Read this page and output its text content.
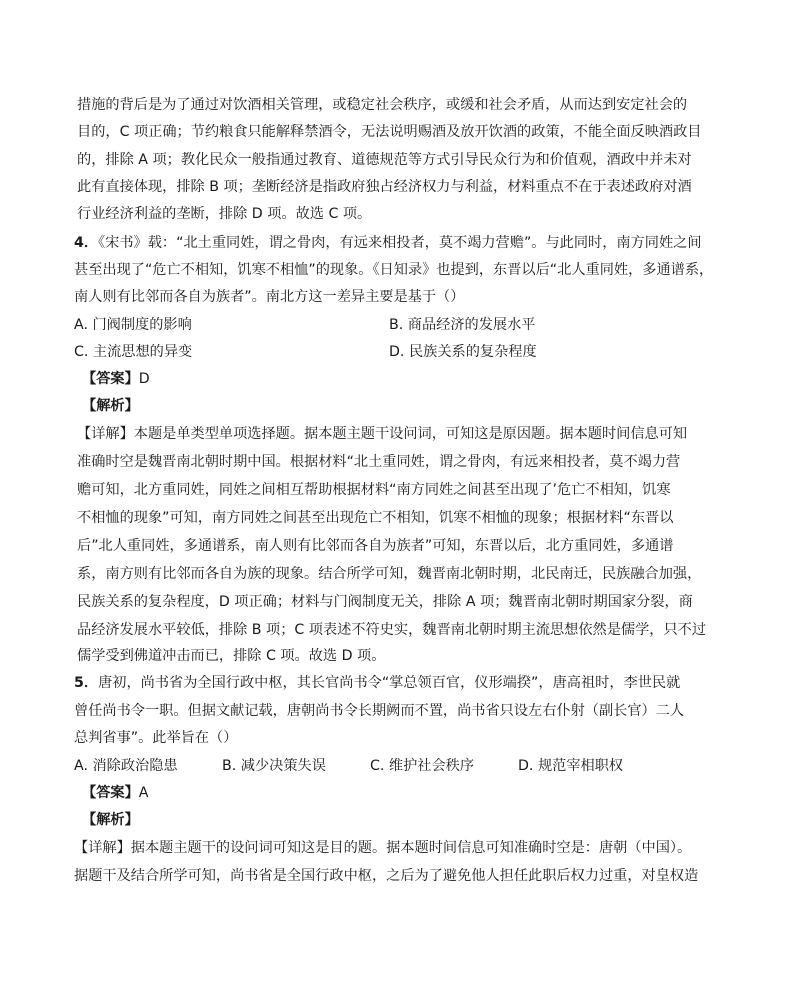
措施的背后是为了通过对饮酒相关管理，或稳定社会秩序，或缓和社会矛盾，从而达到安定社会的
目的，C 项正确；节约粮食只能解释禁酒令，无法说明赐酒及放开饮酒的政策，不能全面反映酒政目
的，排除 A 项；教化民众一般指通过教育、道德规范等方式引导民众行为和价值观，酒政中并未对
此有直接体现，排除 B 项；垄断经济是指政府独占经济权力与利益，材料重点不在于表述政府对酒
行业经济利益的垄断，排除 D 项。故选 C 项。
4．《宋书》载：“北土重同姓，谓之骨肉，有远来相投者，莫不竭力营赡”。与此同时，南方同姓之间
甚至出现了“危亡不相知，饥寒不相恤”的现象。《日知录》也提到，东晋以后“北人重同姓，多通谱系，
南人则有比邻而各自为族者”。南北方这一差异主要是基于（）
A. 门阀制度的影响	B. 商品经济的发展水平
C. 主流思想的异变	D. 民族关系的复杂程度
【答案】D
【解析】
【详解】本题是单类型单项选择题。据本题主题干设问词，可知这是原因题。据本题时间信息可知
准确时空是魏晋南北朝时期中国。根据材料“北土重同姓，谓之骨肉，有远来相投者，莫不竭力营
赡可知，北方重同姓，同姓之间相互帮助根据材料“南方同姓之间甚至出现了’危亡不相知，饥寒
不相恤的现象”可知，南方同姓之间甚至出现危亡不相知，饥寒不相恤的现象；根据材料“东晋以
后”北人重同姓，多通谱系，南人则有比邻而各自为族者”可知，东晋以后，北方重同姓，多通谱
系，南方则有比邻而各自为族的现象。结合所学可知，魏晋南北朝时期，北民南迁，民族融合加强，
民族关系的复杂程度，D 项正确；材料与门阀制度无关，排除 A 项；魏晋南北朝时期国家分裂，商
品经济发展水平较低，排除 B 项；C 项表述不符史实，魏晋南北朝时期主流思想依然是儒学，只不过
儒学受到佛道冲击而已，排除 C 项。故选 D 项。
5．唐初，尚书省为全国行政中枢，其长官尚书令“掌总领百官，仪形端揆”，唐高祖时，李世民就
曾任尚书令一职。但据文献记载，唐朝尚书令长期阙而不置，尚书省只设左右仆射（副长官）二人
总判省事”。此举旨在（）
A. 消除政治隐患	B. 减少决策失误	C. 维护社会秩序	D. 规范宰相职权
【答案】A
【解析】
【详解】据本题主题干的设问词可知这是目的题。据本题时间信息可知准确时空是：唐朝（中国）。
据题干及结合所学可知，尚书省是全国行政中枢，之后为了避免他人担任此职后权力过重，对皇权造
